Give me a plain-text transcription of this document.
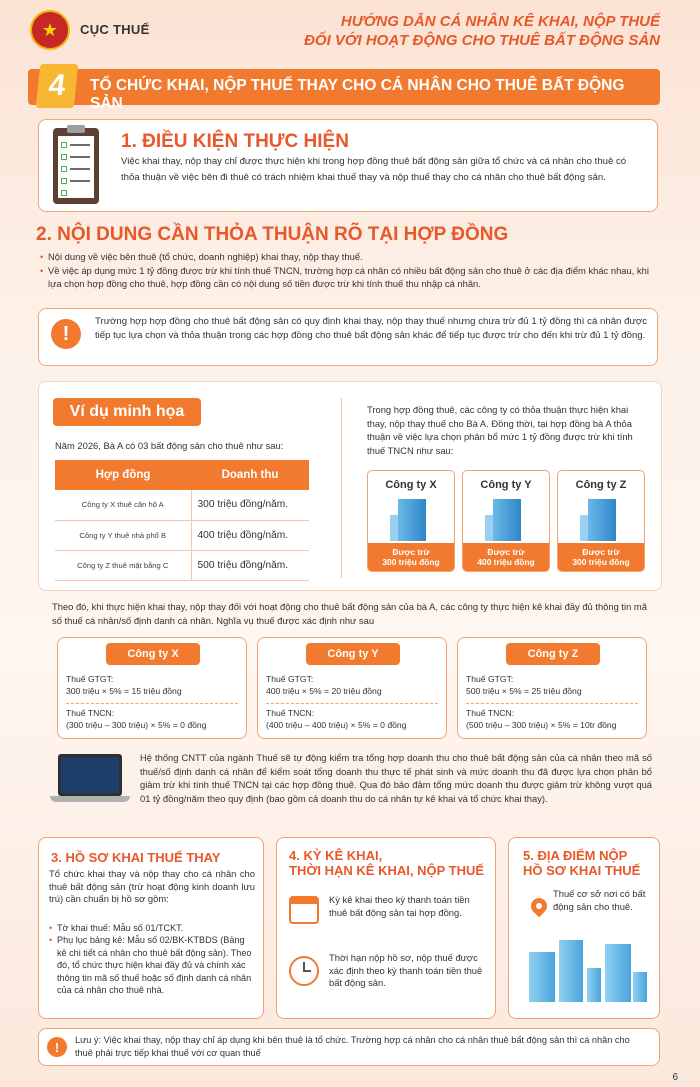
★ CỤC THUẾ	HƯỚNG DẪN CÁ NHÂN KÊ KHAI, NỘP THUẾ
ĐỐI VỚI HOẠT ĐỘNG CHO THUÊ BẤT ĐỘNG SẢN
4	TỔ CHỨC KHAI, NỘP THUẾ THAY CHO CÁ NHÂN CHO THUÊ BẤT ĐỘNG SẢN
1. ĐIỀU KIỆN THỰC HIỆN
Việc khai thay, nộp thay chỉ được thực hiện khi trong hợp đồng thuê bất động sản giữa tổ chức và cá nhân cho thuê có thỏa thuận về việc bên đi thuê có trách nhiệm khai thuế thay và nộp thuế thay cho cá nhân cho thuê bất động sản.
2. NỘI DUNG CẦN THỎA THUẬN RÕ TẠI HỢP ĐỒNG
• Nội dung về việc bên thuê (tổ chức, doanh nghiệp) khai thay, nộp thay thuế.
• Về việc áp dụng mức 1 tỷ đồng được trừ khi tính thuế TNCN, trường hợp cá nhân có nhiều bất động sản cho thuê ở các địa điểm khác nhau, khi lựa chọn hợp đồng cho thuê, hợp đồng cần có nội dung số tiền được trừ khi tính thuế thu nhập cá nhân.
!
Trường hợp hợp đồng cho thuê bất động sản có quy định khai thay, nộp thay thuế nhưng chưa trừ đủ 1 tỷ đồng thì cá nhân được tiếp tục lựa chọn và thỏa thuận trong các hợp đồng cho thuê bất động sản khác để tiếp tục được trừ cho đến khi trừ đủ 1 tỷ đồng.
Ví dụ minh họa
Năm 2026, Bà A có 03 bất động sản cho thuê như sau:
Hợp đồng	Doanh thu
Công ty X thuê căn hộ A	300 triệu đồng/năm.
Công ty Y thuê nhà phố B	400 triệu đồng/năm.
Công ty Z thuê mặt bằng C	500 triệu đồng/năm.
Trong hợp đồng thuê, các công ty có thỏa thuận thực hiện khai thay, nộp thay thuế cho Bà A. Đồng thời, tại hợp đồng bà A thỏa thuận về việc lựa chọn phân bổ mức 1 tỷ đồng được trừ khi tính thuế TNCN như sau:
Công ty X
Được trừ
300 triệu đồng
Công ty Y
Được trừ
400 triệu đồng
Công ty Z
Được trừ
300 triệu đồng
Theo đó, khi thực hiện khai thay, nộp thay đối với hoạt động cho thuê bất động sản của bà A, các công ty thực hiện kê khai đầy đủ thông tin mã số thuế cá nhân/số định danh cá nhân. Nghĩa vụ thuế được xác định như sau
Công ty X
Thuế GTGT:
300 triệu × 5% = 15 triệu đồng
Thuế TNCN:
(300 triệu – 300 triệu) × 5% = 0 đồng
Công ty Y
Thuế GTGT:
400 triệu × 5% = 20 triệu đồng
Thuế TNCN:
(400 triệu – 400 triệu) × 5% = 0 đồng
Công ty Z
Thuế GTGT:
500 triệu × 5% = 25 triệu đồng
Thuế TNCN:
(500 triệu – 300 triệu) × 5% = 10tr đồng
Hệ thống CNTT của ngành Thuế sẽ tự động kiểm tra tổng hợp doanh thu cho thuê bất động sản của cá nhân theo mã số thuế/số định danh cá nhân để kiểm soát tổng doanh thu thực tế phát sinh và mức doanh thu đã được lựa chọn phân bổ giảm trừ khi tính thuế TNCN tại các hợp đồng thuê. Qua đó bảo đảm tổng mức doanh thu được giảm trừ không vượt quá 01 tỷ đồng/năm theo quy định (bao gồm cả doanh thu do cá nhân tự kê khai và tổ chức khai thay).
3. HỒ SƠ KHAI THUẾ THAY
Tổ chức khai thay và nộp thay cho cá nhân cho thuê bất động sản (trừ hoạt động kinh doanh lưu trú) cần chuẩn bị hồ sơ gồm:
• Tờ khai thuế: Mẫu số 01/TCKT.
• Phụ lục bảng kê: Mẫu số 02/BK-KTBDS (Bảng kê chi tiết cá nhân cho thuê bất động sản). Theo đó, tổ chức thực hiện khai đầy đủ và chính xác thông tin mã số thuế hoặc số định danh cá nhân của cá nhân cho thuê nhà.
4. KỲ KÊ KHAI,
THỜI HẠN KÊ KHAI, NỘP THUẾ
Kỳ kê khai theo kỳ thanh toán tiền thuê bất động sản tại hợp đồng.
Thời hạn nộp hồ sơ, nộp thuế được xác định theo kỳ thanh toán tiền thuê bất động sản.
5. ĐỊA ĐIỂM NỘP
HỒ SƠ KHAI THUẾ
Thuế cơ sở nơi có bất động sản cho thuê.
!	Lưu ý: Việc khai thay, nộp thay chỉ áp dụng khi bên thuê là tổ chức. Trường hợp cá nhân cho cá nhân thuê bất động sản thì cá nhân cho thuê phải trực tiếp khai thuế với cơ quan thuế
6
